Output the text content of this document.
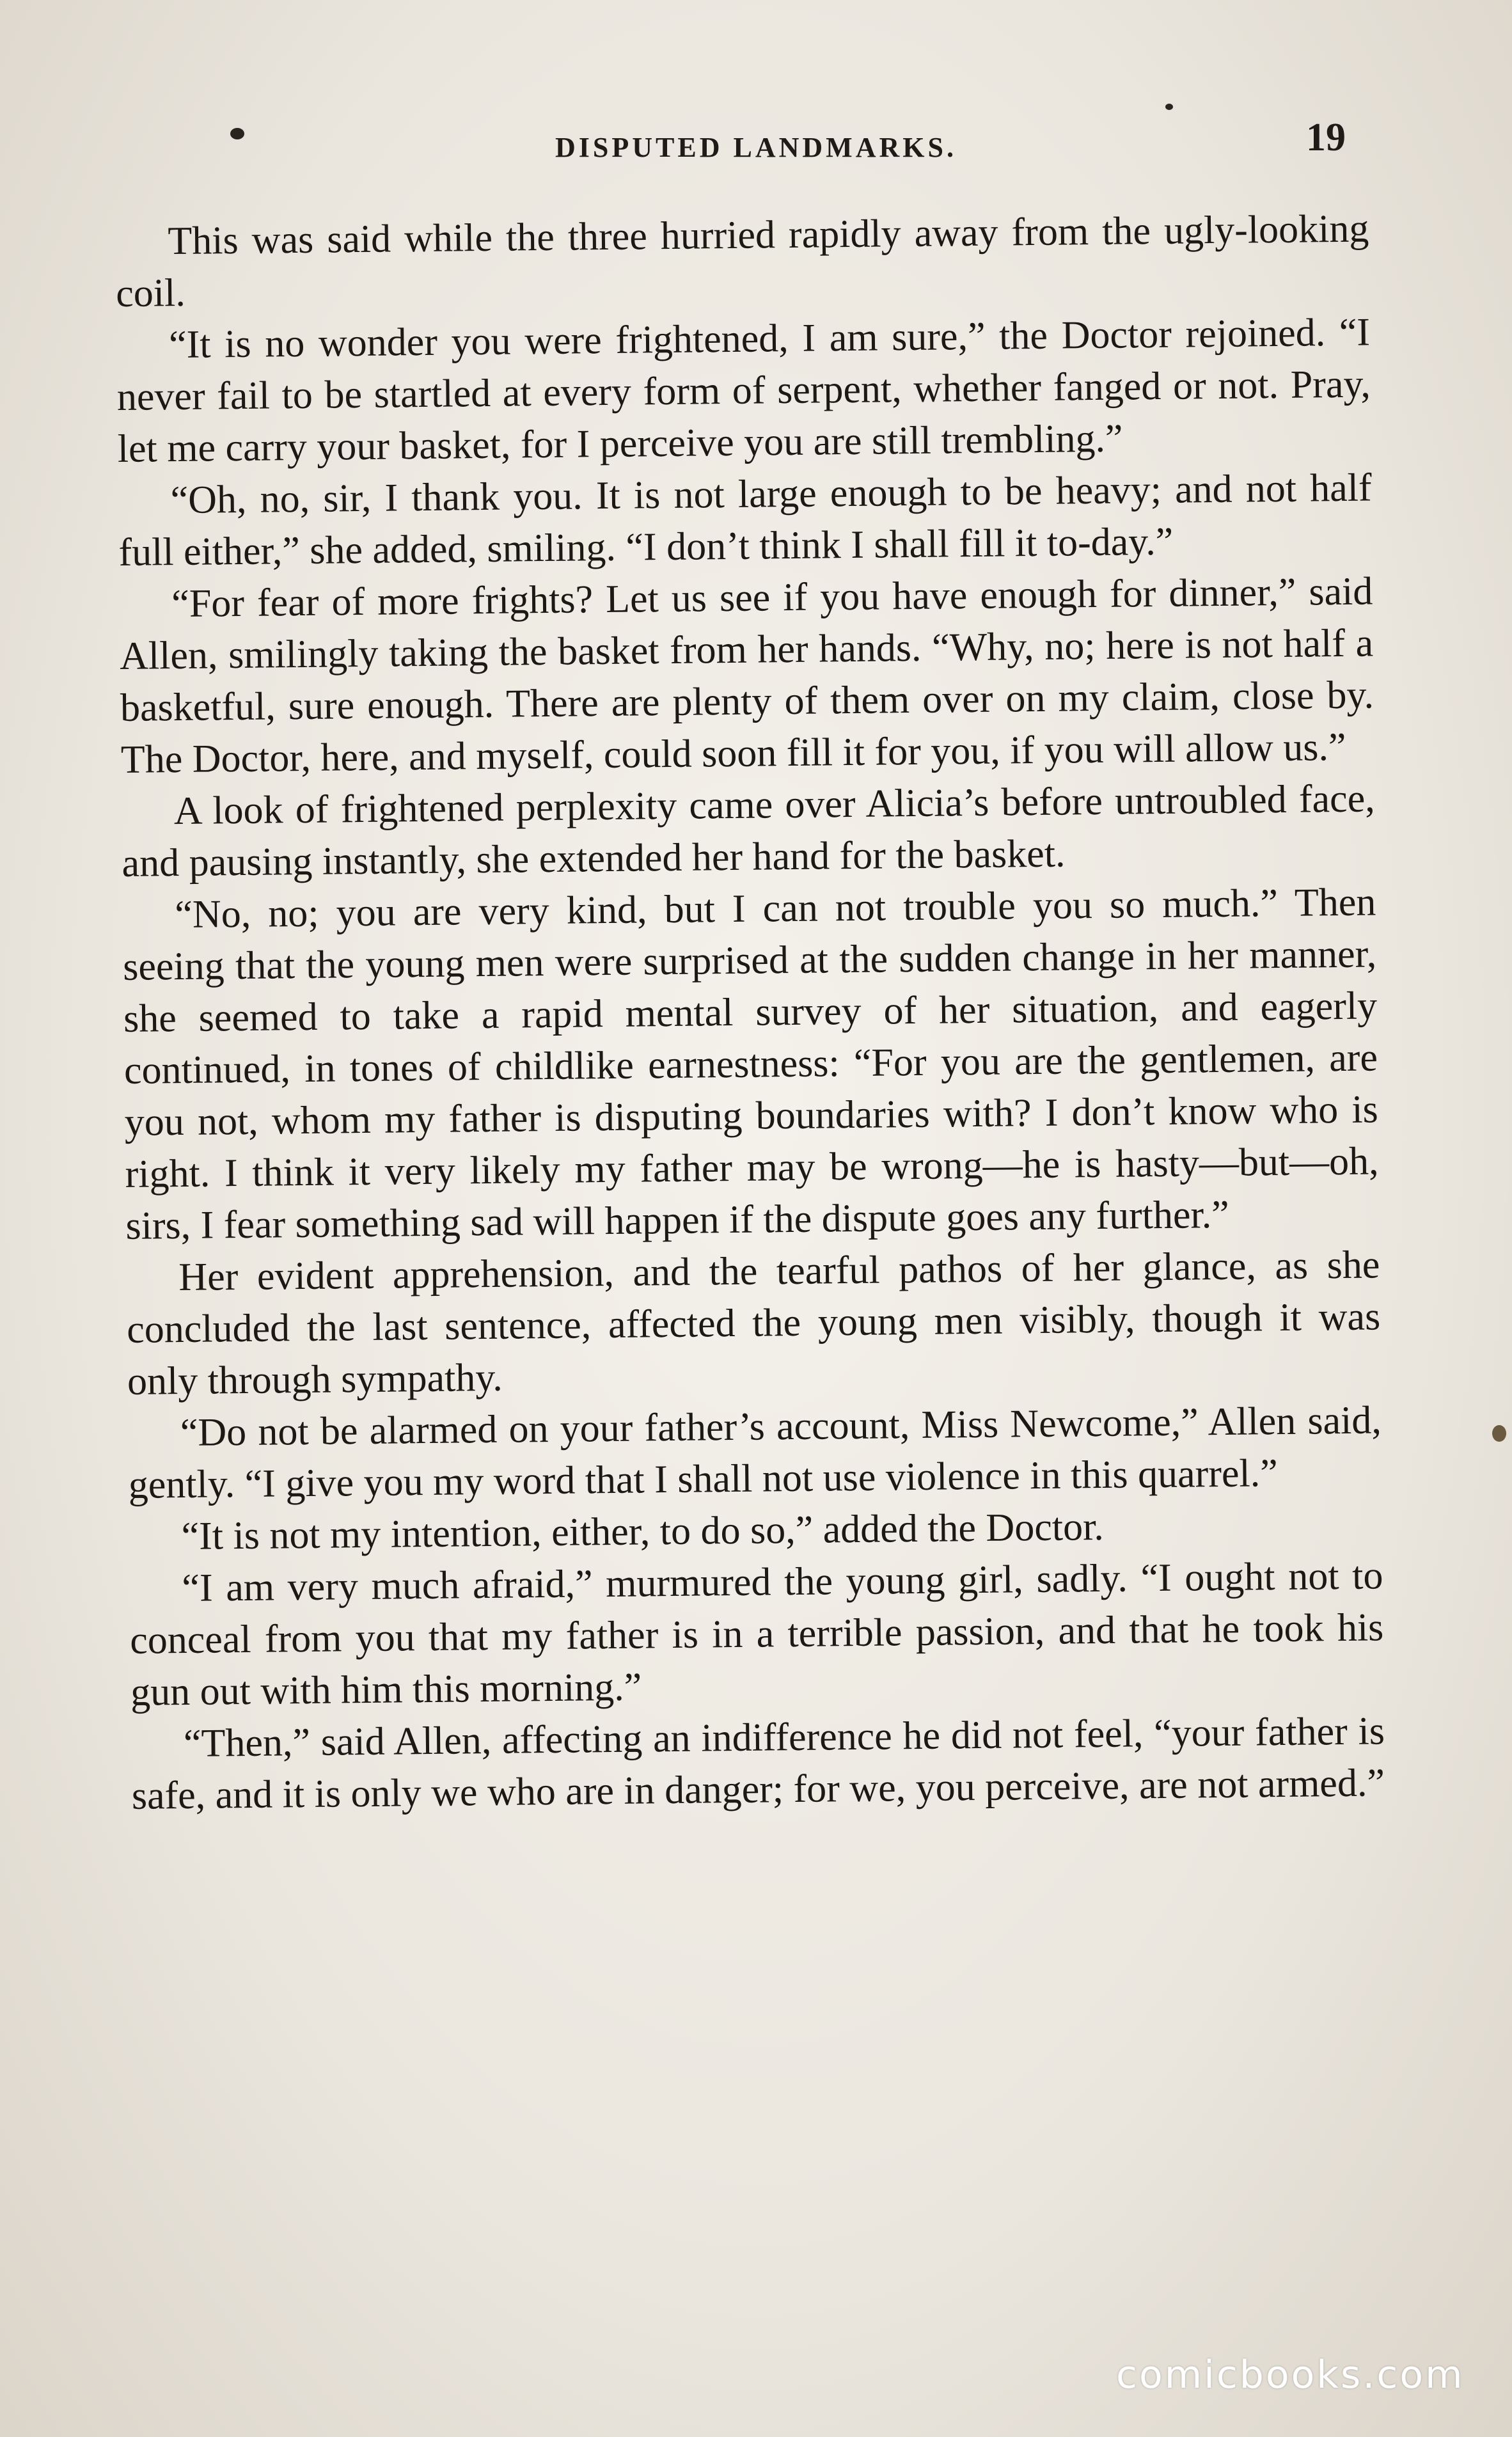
DISPUTED LANDMARKS.	19

This was said while the three hurried rapidly away from the ugly-looking coil.

“It is no wonder you were frightened, I am sure,” the Doctor rejoined. “I never fail to be startled at every form of serpent, whether fanged or not. Pray, let me carry your basket, for I perceive you are still trembling.”

“Oh, no, sir, I thank you. It is not large enough to be heavy; and not half full either,” she added, smiling. “I don’t think I shall fill it to-day.”

“For fear of more frights? Let us see if you have enough for dinner,” said Allen, smilingly taking the basket from her hands. “Why, no; here is not half a basketful, sure enough. There are plenty of them over on my claim, close by. The Doctor, here, and myself, could soon fill it for you, if you will allow us.”

A look of frightened perplexity came over Alicia’s before untroubled face, and pausing instantly, she extended her hand for the basket.

“No, no; you are very kind, but I can not trouble you so much.” Then seeing that the young men were surprised at the sudden change in her manner, she seemed to take a rapid mental survey of her situation, and eagerly continued, in tones of childlike earnestness: “For you are the gentlemen, are you not, whom my father is disputing boundaries with? I don’t know who is right. I think it very likely my father may be wrong—he is hasty—but—oh, sirs, I fear something sad will happen if the dispute goes any further.”

Her evident apprehension, and the tearful pathos of her glance, as she concluded the last sentence, affected the young men visibly, though it was only through sympathy.

“Do not be alarmed on your father’s account, Miss Newcome,” Allen said, gently. “I give you my word that I shall not use violence in this quarrel.”

“It is not my intention, either, to do so,” added the Doctor.

“I am very much afraid,” murmured the young girl, sadly. “I ought not to conceal from you that my father is in a terrible passion, and that he took his gun out with him this morning.”

“Then,” said Allen, affecting an indifference he did not feel, “your father is safe, and it is only we who are in danger; for we, you perceive, are not armed.”

comicbooks.com
